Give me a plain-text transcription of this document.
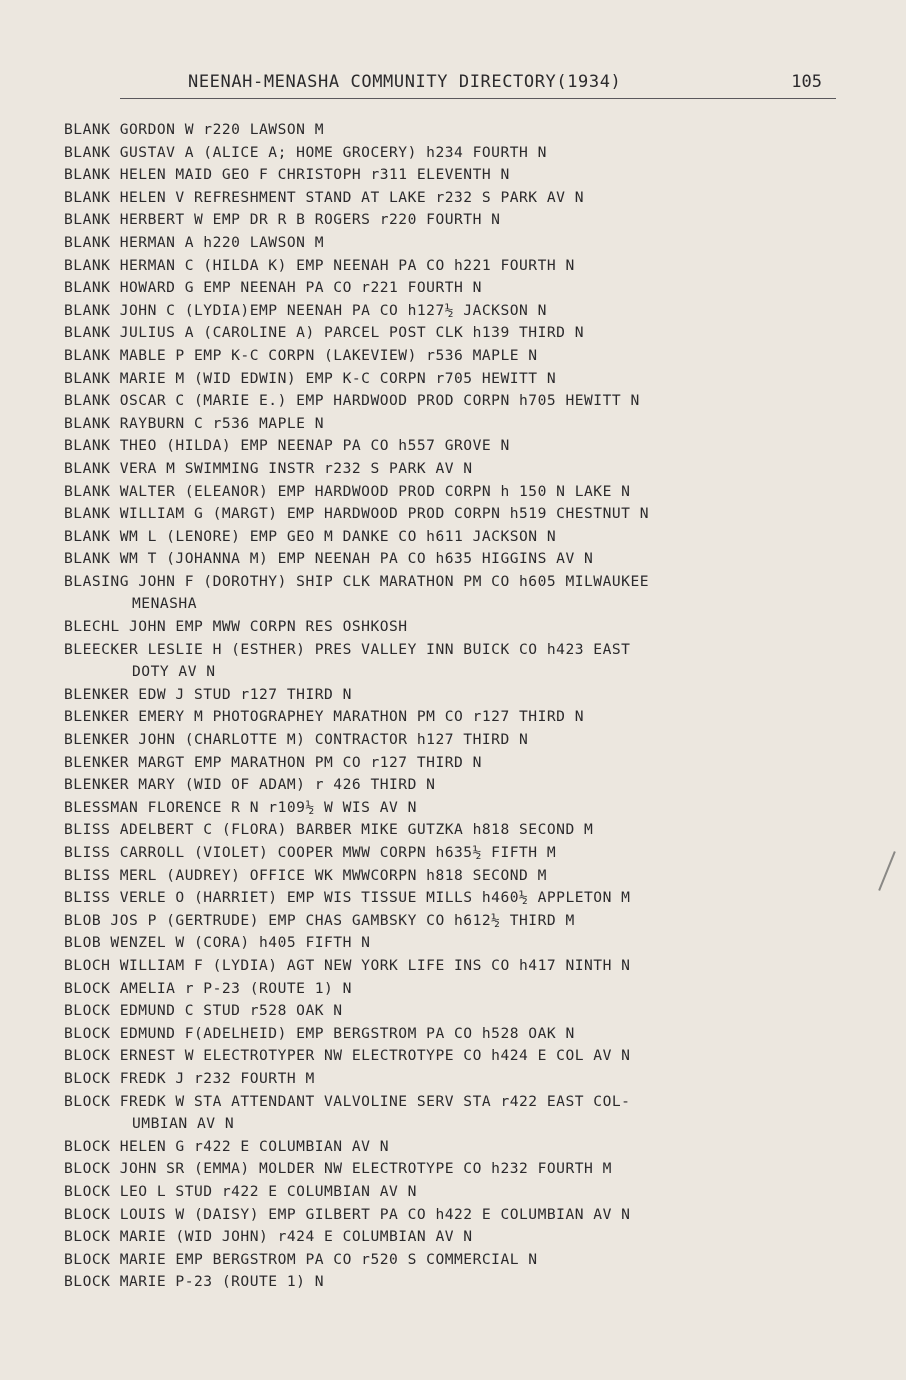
NEENAH-MENASHA COMMUNITY DIRECTORY(1934)	105
BLANK GORDON W r220 LAWSON M
BLANK GUSTAV A (ALICE A; HOME GROCERY) h234 FOURTH N
BLANK HELEN MAID GEO F CHRISTOPH r311 ELEVENTH N
BLANK HELEN V REFRESHMENT STAND AT LAKE r232 S PARK AV N
BLANK HERBERT W EMP DR R B ROGERS r220 FOURTH N
BLANK HERMAN A h220 LAWSON M
BLANK HERMAN C (HILDA K) EMP NEENAH PA CO h221 FOURTH N
BLANK HOWARD G EMP NEENAH PA CO r221 FOURTH N
BLANK JOHN C (LYDIA)EMP NEENAH PA CO h127½ JACKSON N
BLANK JULIUS A (CAROLINE A) PARCEL POST CLK h139 THIRD N
BLANK MABLE P EMP K-C CORPN (LAKEVIEW) r536 MAPLE N
BLANK MARIE M (WID EDWIN) EMP K-C CORPN r705 HEWITT N
BLANK OSCAR C (MARIE E.) EMP HARDWOOD PROD CORPN h705 HEWITT N
BLANK RAYBURN C r536 MAPLE N
BLANK THEO (HILDA) EMP NEENAP PA CO h557 GROVE N
BLANK VERA M SWIMMING INSTR r232 S PARK AV N
BLANK WALTER (ELEANOR) EMP HARDWOOD PROD CORPN h 150 N LAKE N
BLANK WILLIAM G (MARGT) EMP HARDWOOD PROD CORPN h519 CHESTNUT N
BLANK WM L (LENORE) EMP GEO M DANKE CO h611 JACKSON N
BLANK WM T (JOHANNA M) EMP NEENAH PA CO h635 HIGGINS AV N
BLASING JOHN F (DOROTHY) SHIP CLK MARATHON PM CO h605 MILWAUKEE
MENASHA
BLECHL JOHN EMP MWW CORPN RES OSHKOSH
BLEECKER LESLIE H (ESTHER) PRES VALLEY INN BUICK CO h423 EAST
DOTY AV N
BLENKER EDW J STUD r127 THIRD N
BLENKER EMERY M PHOTOGRAPHEY MARATHON PM CO r127 THIRD N
BLENKER JOHN (CHARLOTTE M) CONTRACTOR h127 THIRD N
BLENKER MARGT EMP MARATHON PM CO r127 THIRD N
BLENKER MARY (WID OF ADAM) r 426 THIRD N
BLESSMAN FLORENCE R N r109½ W WIS AV N
BLISS ADELBERT C (FLORA) BARBER MIKE GUTZKA h818 SECOND M
BLISS CARROLL (VIOLET) COOPER MWW CORPN h635½ FIFTH M
BLISS MERL (AUDREY) OFFICE WK MWWCORPN h818 SECOND M
BLISS VERLE O (HARRIET) EMP WIS TISSUE MILLS h460½ APPLETON M
BLOB JOS P (GERTRUDE) EMP CHAS GAMBSKY CO h612½ THIRD M
BLOB WENZEL W (CORA) h405 FIFTH N
BLOCH WILLIAM F (LYDIA) AGT NEW YORK LIFE INS CO h417 NINTH N
BLOCK AMELIA r P-23 (ROUTE 1) N
BLOCK EDMUND C STUD r528 OAK N
BLOCK EDMUND F(ADELHEID) EMP BERGSTROM PA CO h528 OAK N
BLOCK ERNEST W ELECTROTYPER NW ELECTROTYPE CO h424 E COL AV N
BLOCK FREDK J r232 FOURTH M
BLOCK FREDK W STA ATTENDANT VALVOLINE SERV STA r422 EAST COL-
UMBIAN AV N
BLOCK HELEN G r422 E COLUMBIAN AV N
BLOCK JOHN SR (EMMA) MOLDER NW ELECTROTYPE CO h232 FOURTH M
BLOCK LEO L STUD r422 E COLUMBIAN AV N
BLOCK LOUIS W (DAISY) EMP GILBERT PA CO h422 E COLUMBIAN AV N
BLOCK MARIE (WID JOHN) r424 E COLUMBIAN AV N
BLOCK MARIE EMP BERGSTROM PA CO r520 S COMMERCIAL N
BLOCK MARIE P-23 (ROUTE 1) N
